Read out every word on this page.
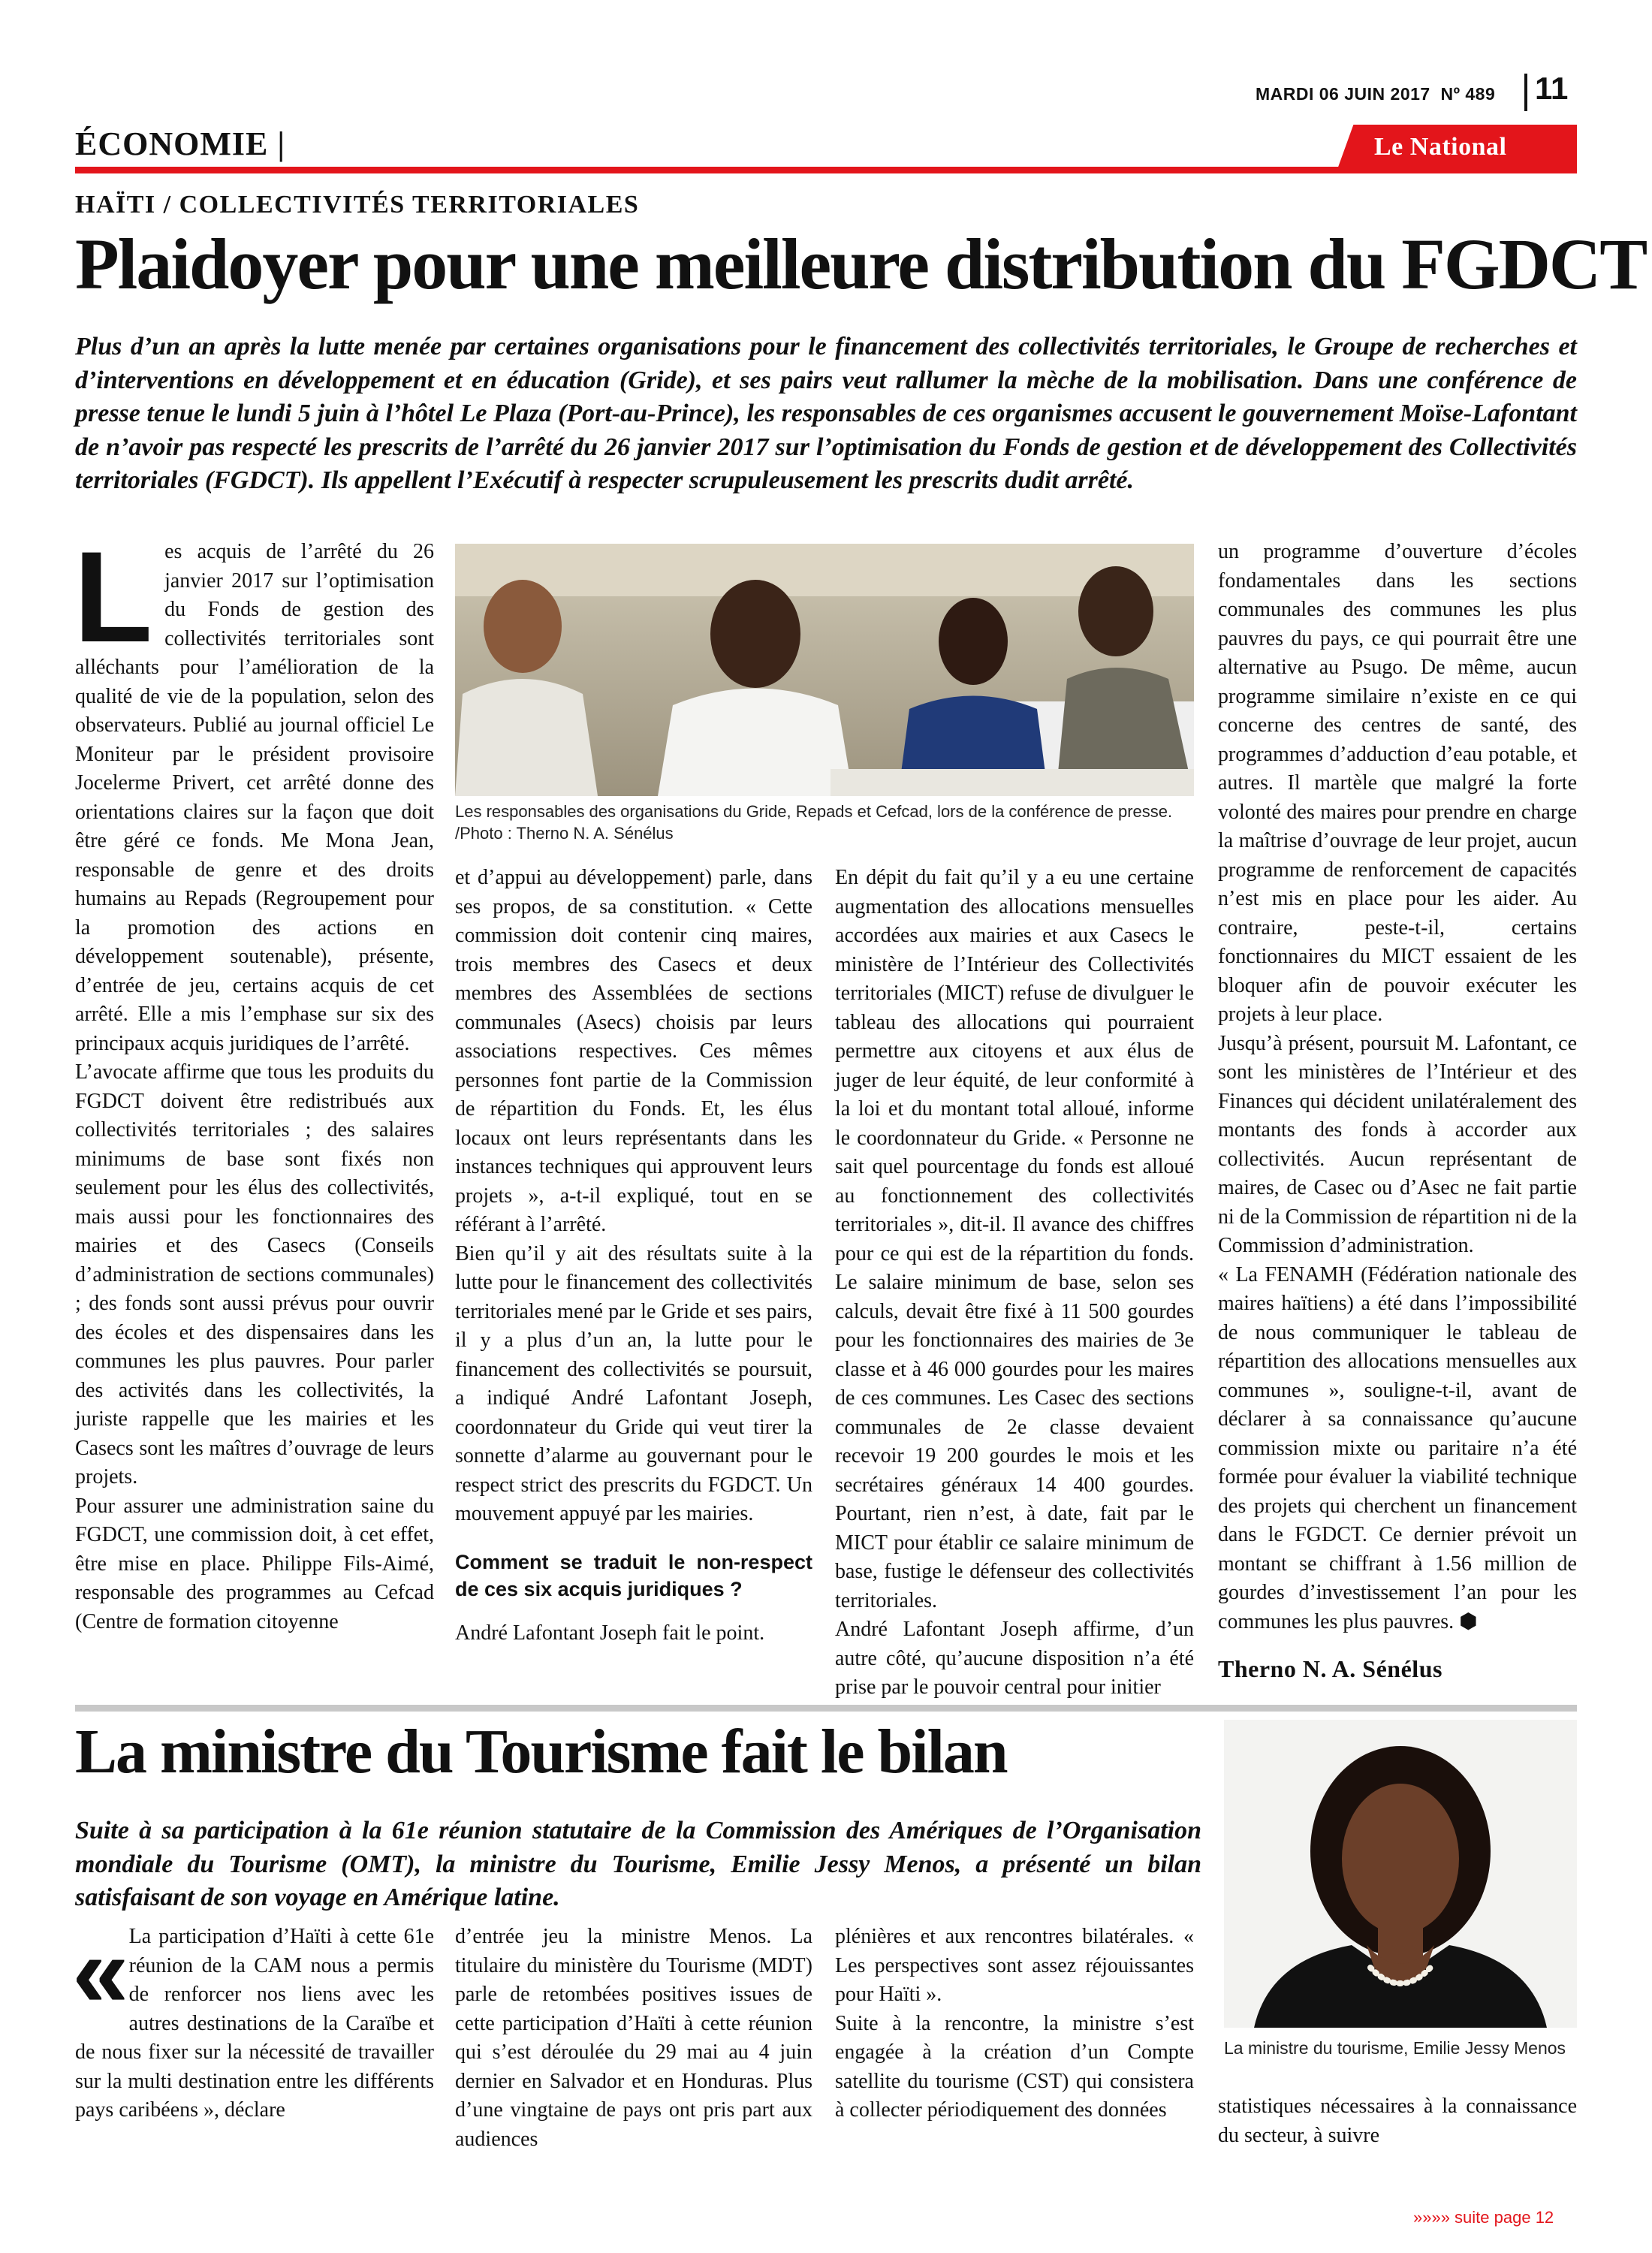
MARDI 06 JUIN 2017 Nº 489 11
ÉCONOMIE |	Le National
HAÏTI / COLLECTIVITÉS TERRITORIALES
Plaidoyer pour une meilleure distribution du FGDCT
Plus d’un an après la lutte menée par certaines organisations pour le financement des collectivités territoriales, le Groupe de recherches et d’interventions en développement et en éducation (Gride), et ses pairs veut rallumer la mèche de la mobilisation. Dans une conférence de presse tenue le lundi 5 juin à l’hôtel Le Plaza (Port-au-Prince), les responsables de ces organismes accusent le gouvernement Moïse-Lafontant de n’avoir pas respecté les prescrits de l’arrêté du 26 janvier 2017 sur l’optimisation du Fonds de gestion et de développement des Collectivités territoriales (FGDCT). Ils appellent l’Exécutif à respecter scrupuleusement les prescrits dudit arrêté.
L es acquis de l’arrêté du 26 janvier 2017 sur l’optimisation du Fonds de gestion des collectivités territoriales sont alléchants pour l’amélioration de la qualité de vie de la population, selon des observateurs. Publié au journal officiel Le Moniteur par le président provisoire Jocelerme Privert, cet arrêté donne des orientations claires sur la façon que doit être géré ce fonds. Me Mona Jean, responsable de genre et des droits humains au Repads (Regroupement pour la promotion des actions en développement soutenable), présente, d’entrée de jeu, certains acquis de cet arrêté. Elle a mis l’emphase sur six des principaux acquis juridiques de l’arrêté.

L’avocate affirme que tous les produits du FGDCT doivent être redistribués aux collectivités territoriales ; des salaires minimums de base sont fixés non seulement pour les élus des collectivités, mais aussi pour les fonctionnaires des mairies et des Casecs (Conseils d’administration de sections communales) ; des fonds sont aussi prévus pour ouvrir des écoles et des dispensaires dans les communes les plus pauvres. Pour parler des activités dans les collectivités, la juriste rappelle que les mairies et les Casecs sont les maîtres d’ouvrage de leurs projets.

Pour assurer une administration saine du FGDCT, une commission doit, à cet effet, être mise en place. Philippe Fils-Aimé, responsable des programmes au Cefcad (Centre de formation citoyenne

Les responsables des organisations du Gride, Repads et Cefcad, lors de la conférence de presse. /Photo : Therno N. A. Sénélus

et d’appui au développement) parle, dans ses propos, de sa constitution. « Cette commission doit contenir cinq maires, trois membres des Casecs et deux membres des Assemblées de sections communales (Asecs) choisis par leurs associations respectives. Ces mêmes personnes font partie de la Commission de répartition du Fonds. Et, les élus locaux ont leurs représentants dans les instances techniques qui approuvent leurs projets », a-t-il expliqué, tout en se référant à l’arrêté.

Bien qu’il y ait des résultats suite à la lutte pour le financement des collectivités territoriales mené par le Gride et ses pairs, il y a plus d’un an, la lutte pour le financement des collectivités se poursuit, a indiqué André Lafontant Joseph, coordonnateur du Gride qui veut tirer la sonnette d’alarme au gouvernant pour le respect strict des prescrits du FGDCT. Un mouvement appuyé par les mairies.

Comment se traduit le non-respect de ces six acquis juridiques ?

André Lafontant Joseph fait le point.

En dépit du fait qu’il y a eu une certaine augmentation des allocations mensuelles accordées aux mairies et aux Casecs le ministère de l’Intérieur des Collectivités territoriales (MICT) refuse de divulguer le tableau des allocations qui pourraient permettre aux citoyens et aux élus de juger de leur équité, de leur conformité à la loi et du montant total alloué, informe le coordonnateur du Gride. « Personne ne sait quel pourcentage du fonds est alloué au fonctionnement des collectivités territoriales », dit-il. Il avance des chiffres pour ce qui est de la répartition du fonds. Le salaire minimum de base, selon ses calculs, devait être fixé à 11 500 gourdes pour les fonctionnaires des mairies de 3e classe et à 46 000 gourdes pour les maires de ces communes. Les Casec des sections communales de 2e classe devaient recevoir 19 200 gourdes le mois et les secrétaires généraux 14 400 gourdes. Pourtant, rien n’est, à date, fait par le MICT pour établir ce salaire minimum de base, fustige le défenseur des collectivités territoriales.

André Lafontant Joseph affirme, d’un autre côté, qu’aucune disposition n’a été prise par le pouvoir central pour initier

un programme d’ouverture d’écoles fondamentales dans les sections communales des communes les plus pauvres du pays, ce qui pourrait être une alternative au Psugo. De même, aucun programme similaire n’existe en ce qui concerne des centres de santé, des programmes d’adduction d’eau potable, et autres. Il martèle que malgré la forte volonté des maires pour prendre en charge la maîtrise d’ouvrage de leur projet, aucun programme de renforcement de capacités n’est mis en place pour les aider. Au contraire, peste-t-il, certains fonctionnaires du MICT essaient de les bloquer afin de pouvoir exécuter les projets à leur place.

Jusqu’à présent, poursuit M. Lafontant, ce sont les ministères de l’Intérieur et des Finances qui décident unilatéralement des montants des fonds à accorder aux collectivités. Aucun représentant de maires, de Casec ou d’Asec ne fait partie ni de la Commission de répartition ni de la Commission d’administration.

« La FENAMH (Fédération nationale des maires haïtiens) a été dans l’impossibilité de nous communiquer le tableau de répartition des allocations mensuelles aux communes », souligne-t-il, avant de déclarer à sa connaissance qu’aucune commission mixte ou paritaire n’a été formée pour évaluer la viabilité technique des projets qui cherchent un financement dans le FGDCT. Ce dernier prévoit un montant se chiffrant à 1.56 million de gourdes d’investissement l’an pour les communes les plus pauvres. ⬢

Therno N. A. Sénélus

La ministre du Tourisme fait le bilan
Suite à sa participation à la 61e réunion statutaire de la Commission des Amériques de l’Organisation mondiale du Tourisme (OMT), la ministre du Tourisme, Emilie Jessy Menos, a présenté un bilan satisfaisant de son voyage en Amérique latine.
« La participation d’Haïti à cette 61e réunion de la CAM nous a permis de renforcer nos liens avec les autres destinations de la Caraïbe et de nous fixer sur la nécessité de travailler sur la multi destination entre les différents pays caribéens », déclare

d’entrée jeu la ministre Menos. La titulaire du ministère du Tourisme (MDT) parle de retombées positives issues de cette participation d’Haïti à cette réunion qui s’est déroulée du 29 mai au 4 juin dernier en Salvador et en Honduras. Plus d’une vingtaine de pays ont pris part aux audiences

plénières et aux rencontres bilatérales. « Les perspectives sont assez réjouissantes pour Haïti ».

Suite à la rencontre, la ministre s’est engagée à la création d’un Compte satellite du tourisme (CST) qui consistera à collecter périodiquement des données

La ministre du tourisme, Emilie Jessy Menos

statistiques nécessaires à la connaissance du secteur, à suivre

»»»» suite page 12
